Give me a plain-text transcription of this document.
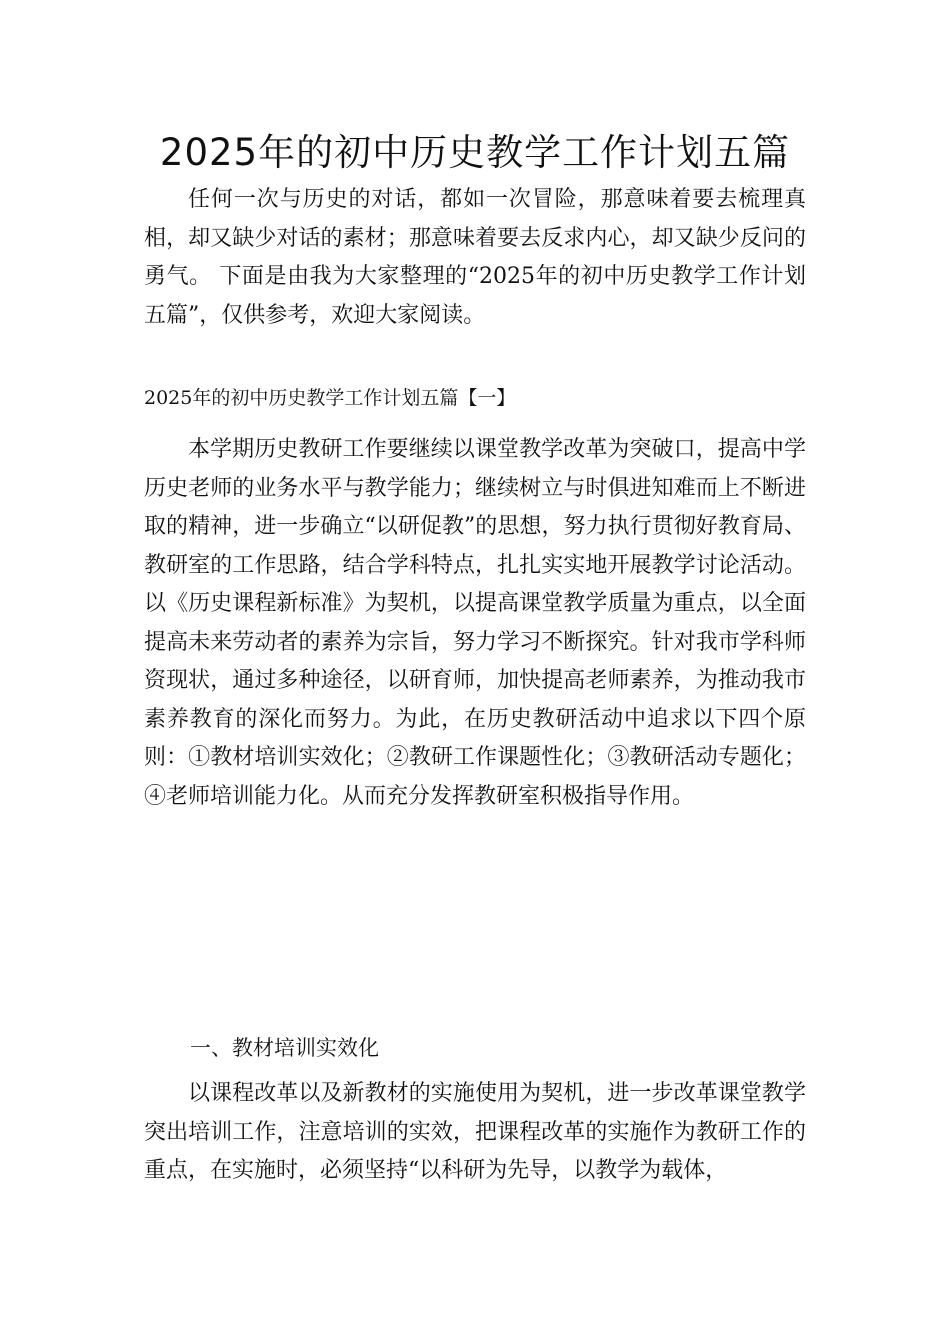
2025年的初中历史教学工作计划五篇

任何一次与历史的对话，都如一次冒险，那意味着要去梳理真相，却又缺少对话的素材；那意味着要去反求内心，却又缺少反问的勇气。 下面是由我为大家整理的“2025年的初中历史教学工作计划五篇”，仅供参考，欢迎大家阅读。

2025年的初中历史教学工作计划五篇【一】

本学期历史教研工作要继续以课堂教学改革为突破口，提高中学历史老师的业务水平与教学能力；继续树立与时俱进知难而上不断进取的精神，进一步确立“以研促教”的思想，努力执行贯彻好教育局、教研室的工作思路，结合学科特点，扎扎实实地开展教学讨论活动。以《历史课程新标准》为契机，以提高课堂教学质量为重点，以全面提高未来劳动者的素养为宗旨，努力学习不断探究。针对我市学科师资现状，通过多种途径，以研育师，加快提高老师素养，为推动我市素养教育的深化而努力。为此，在历史教研活动中追求以下四个原则：①教材培训实效化；②教研工作课题性化；③教研活动专题化；④老师培训能力化。从而充分发挥教研室积极指导作用。

一、教材培训实效化

以课程改革以及新教材的实施使用为契机，进一步改革课堂教学突出培训工作，注意培训的实效，把课程改革的实施作为教研工作的重点，在实施时，必须坚持“以科研为先导，以教学为载体，
